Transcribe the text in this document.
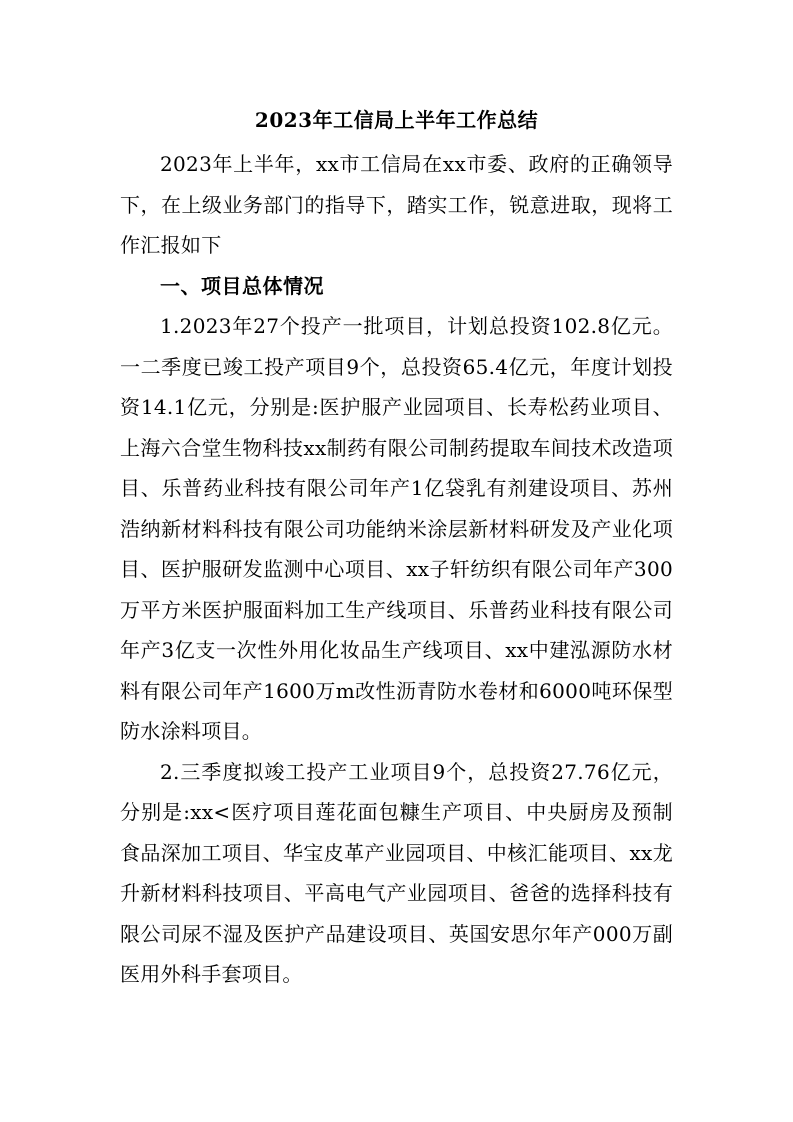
2023年工信局上半年工作总结

2023年上半年，xx市工信局在xx市委、政府的正确领导下，在上级业务部门的指导下，踏实工作，锐意进取，现将工作汇报如下

一、项目总体情况

1.2023年27个投产一批项目，计划总投资102.8亿元。一二季度已竣工投产项目9个，总投资65.4亿元，年度计划投资14.1亿元，分别是:医护服产业园项目、长寿松药业项目、上海六合堂生物科技xx制药有限公司制药提取车间技术改造项目、乐普药业科技有限公司年产1亿袋乳有剂建设项目、苏州浩纳新材料科技有限公司功能纳米涂层新材料研发及产业化项目、医护服研发监测中心项目、xx子轩纺织有限公司年产300万平方米医护服面料加工生产线项目、乐普药业科技有限公司年产3亿支一次性外用化妆品生产线项目、xx中建泓源防水材料有限公司年产1600万m改性沥青防水卷材和6000吨环保型防水涂料项目。

2.三季度拟竣工投产工业项目9个，总投资27.76亿元，分别是:xx<医疗项目莲花面包糠生产项目、中央厨房及预制食品深加工项目、华宝皮革产业园项目、中核汇能项目、xx龙升新材料科技项目、平高电气产业园项目、爸爸的选择科技有限公司尿不湿及医护产品建设项目、英国安思尔年产000万副医用外科手套项目。
